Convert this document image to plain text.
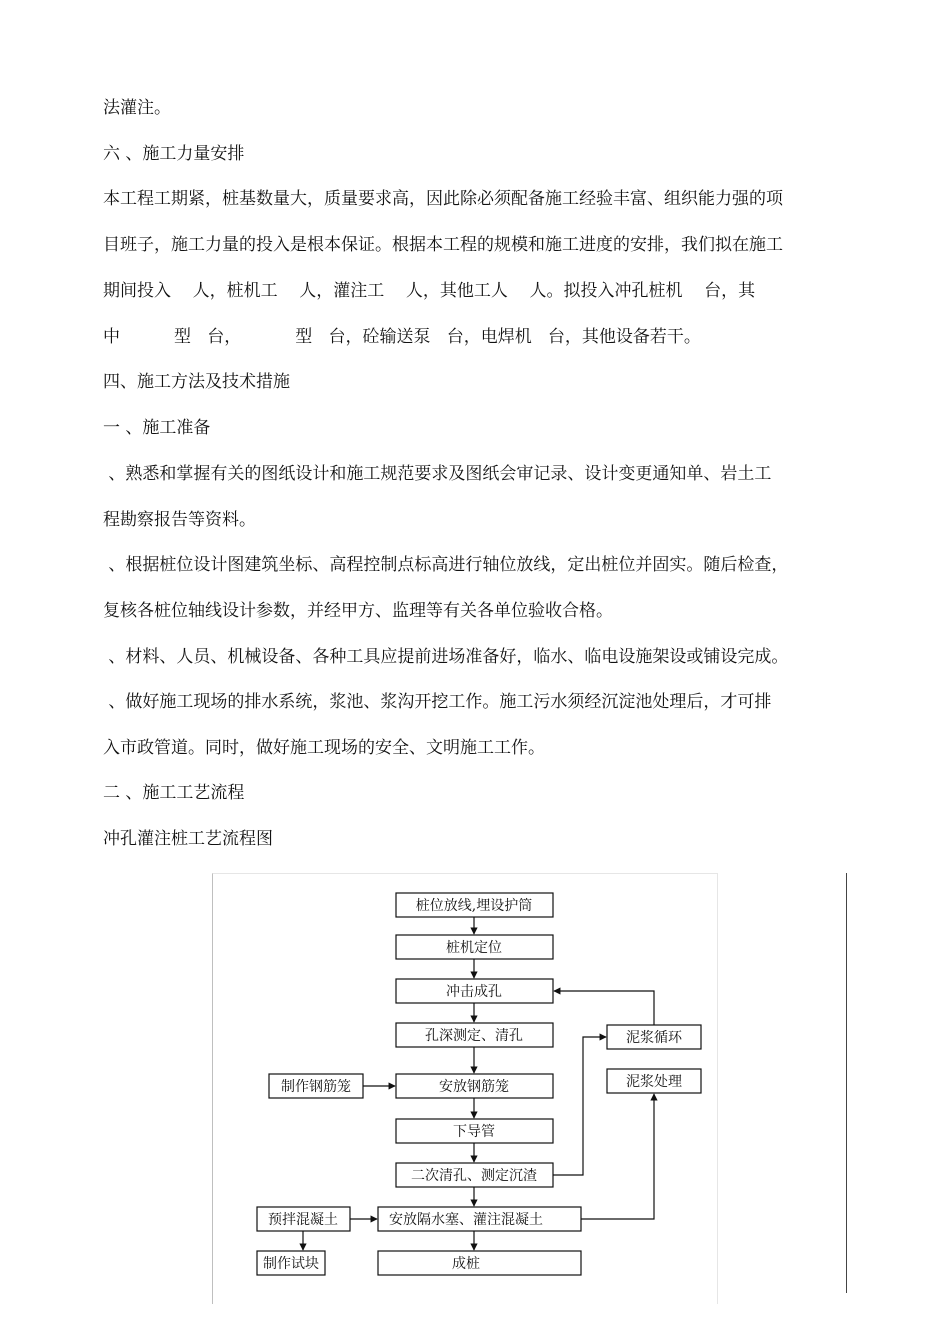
法灌注。

六 、施工力量安排

本工程工期紧，桩基数量大，质量要求高，因此除必须配备施工经验丰富、组织能力强的项

目班子，施工力量的投入是根本保证。根据本工程的规模和施工进度的安排，我们拟在施工

期间投入    人，桩机工    人，灌注工    人，其他工人    人。拟投入冲孔桩机    台，其

中          型   台，          型   台，砼输送泵   台，电焊机   台，其他设备若干。

四、施工方法及技术措施

一 、施工准备

、熟悉和掌握有关的图纸设计和施工规范要求及图纸会审记录、设计变更通知单、岩土工

程勘察报告等资料。

、根据桩位设计图建筑坐标、高程控制点标高进行轴位放线，定出桩位并固实。随后检查，

复核各桩位轴线设计参数，并经甲方、监理等有关各单位验收合格。

、材料、人员、机械设备、各种工具应提前进场准备好，临水、临电设施架设或铺设完成。

、做好施工现场的排水系统，浆池、浆沟开挖工作。施工污水须经沉淀池处理后，才可排

入市政管道。同时，做好施工现场的安全、文明施工工作。

二 、施工工艺流程

冲孔灌注桩工艺流程图

桩位放线,埋设护筒
桩机定位
冲击成孔
孔深测定、清孔
安放钢筋笼
下导管
二次清孔、测定沉渣
安放隔水塞、灌注混凝土
成桩
制作钢筋笼
预拌混凝土
制作试块
泥浆循环
泥浆处理
